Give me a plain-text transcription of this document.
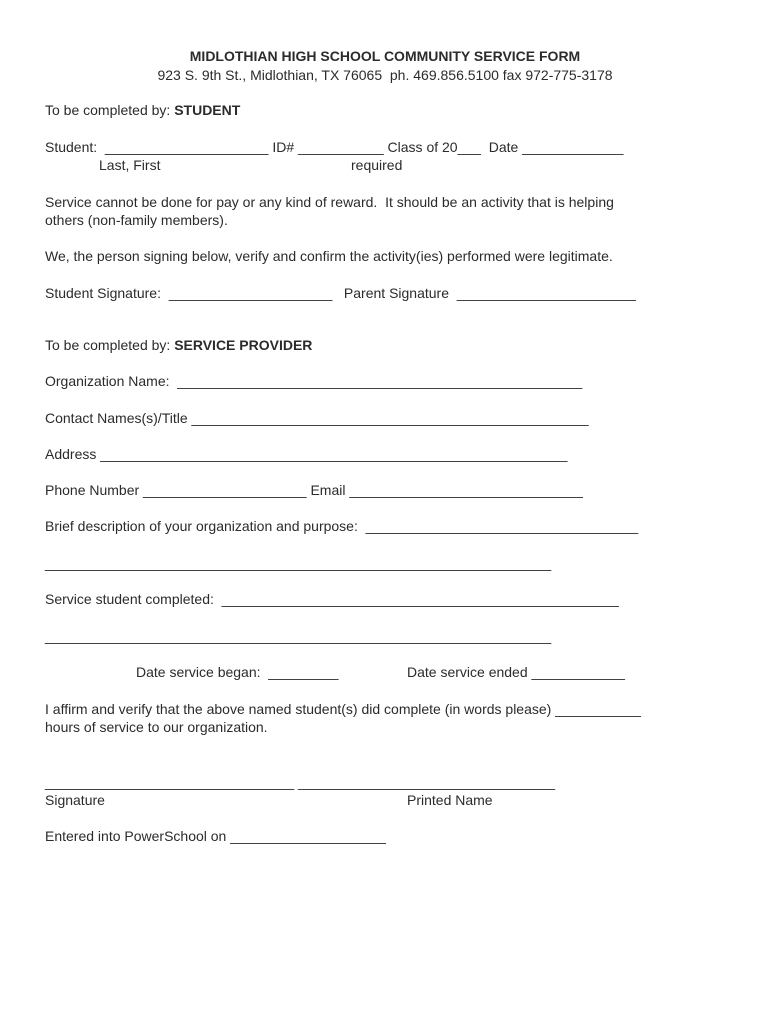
MIDLOTHIAN HIGH SCHOOL COMMUNITY SERVICE FORM
923 S. 9th St., Midlothian, TX 76065  ph. 469.856.5100 fax 972-775-3178
To be completed by: STUDENT
Student:  _____________________ ID# ___________ Class of 20___  Date _____________
Last, First	required
Service cannot be done for pay or any kind of reward.  It should be an activity that is helping
others (non-family members).
We, the person signing below, verify and confirm the activity(ies) performed were legitimate.
Student Signature:  _____________________   Parent Signature  _______________________
To be completed by: SERVICE PROVIDER
Organization Name:  ____________________________________________________
Contact Names(s)/Title ___________________________________________________
Address ____________________________________________________________
Phone Number _____________________ Email ______________________________
Brief description of your organization and purpose:  ___________________________________
_________________________________________________________________
Service student completed:  ___________________________________________________
_________________________________________________________________
Date service began:  _________	Date service ended ____________
I affirm and verify that the above named student(s) did complete (in words please) ___________
hours of service to our organization.
________________________________ _________________________________
Signature	Printed Name
Entered into PowerSchool on ____________________
